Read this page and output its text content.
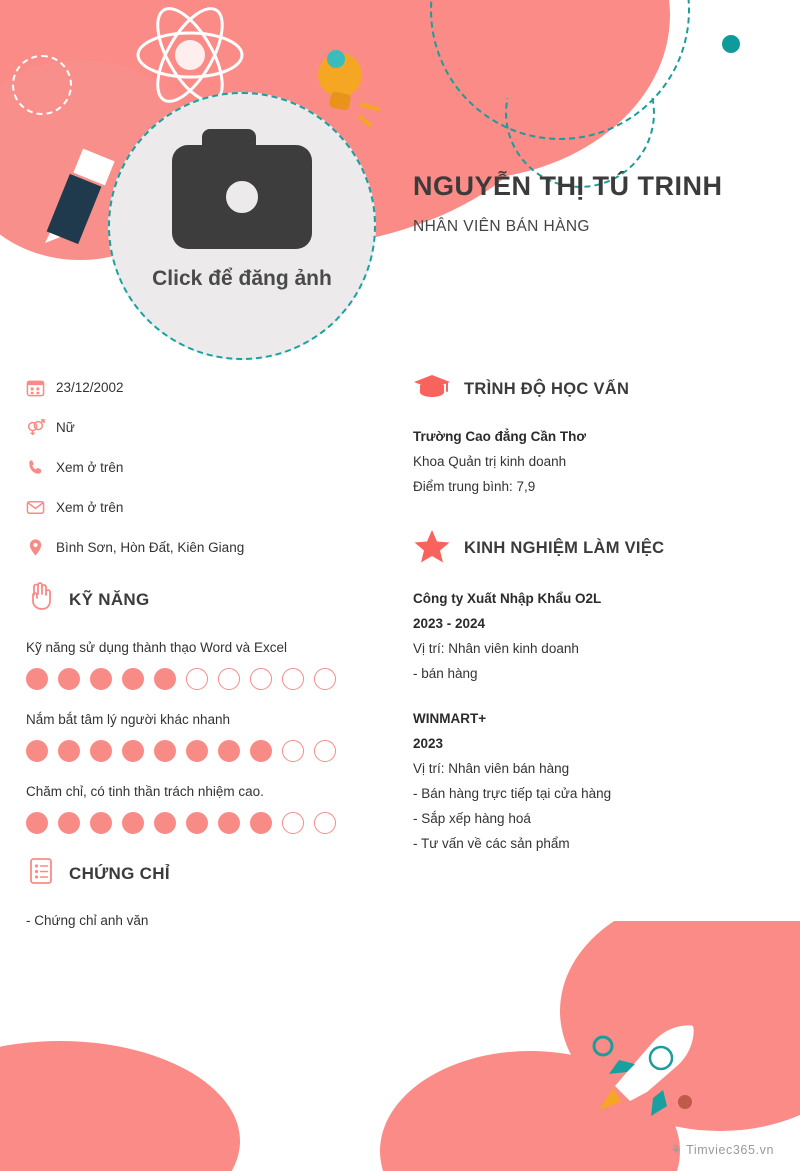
Click để đăng ảnh
NGUYỄN THỊ TÚ TRINH
NHÂN VIÊN BÁN HÀNG
23/12/2002
Nữ
Xem ở trên
Xem ở trên
Bình Sơn, Hòn Đất, Kiên Giang
KỸ NĂNG
Kỹ năng sử dụng thành thạo Word và Excel
Nắm bắt tâm lý người khác nhanh
Chăm chỉ, có tinh thần trách nhiệm cao.
CHỨNG CHỈ
- Chứng chỉ anh văn
TRÌNH ĐỘ HỌC VẤN
Trường Cao đẳng Cần Thơ
Khoa Quản trị kinh doanh
Điểm trung bình: 7,9
KINH NGHIỆM LÀM VIỆC
Công ty Xuất Nhập Khẩu O2L
2023 - 2024
Vị trí: Nhân viên kinh doanh
- bán hàng
WINMART+
2023
Vị trí: Nhân viên bán hàng
- Bán hàng trực tiếp tại cửa hàng
- Sắp xếp hàng hoá
- Tư vấn về các sản phẩm
⚘ Timviec365.vn
